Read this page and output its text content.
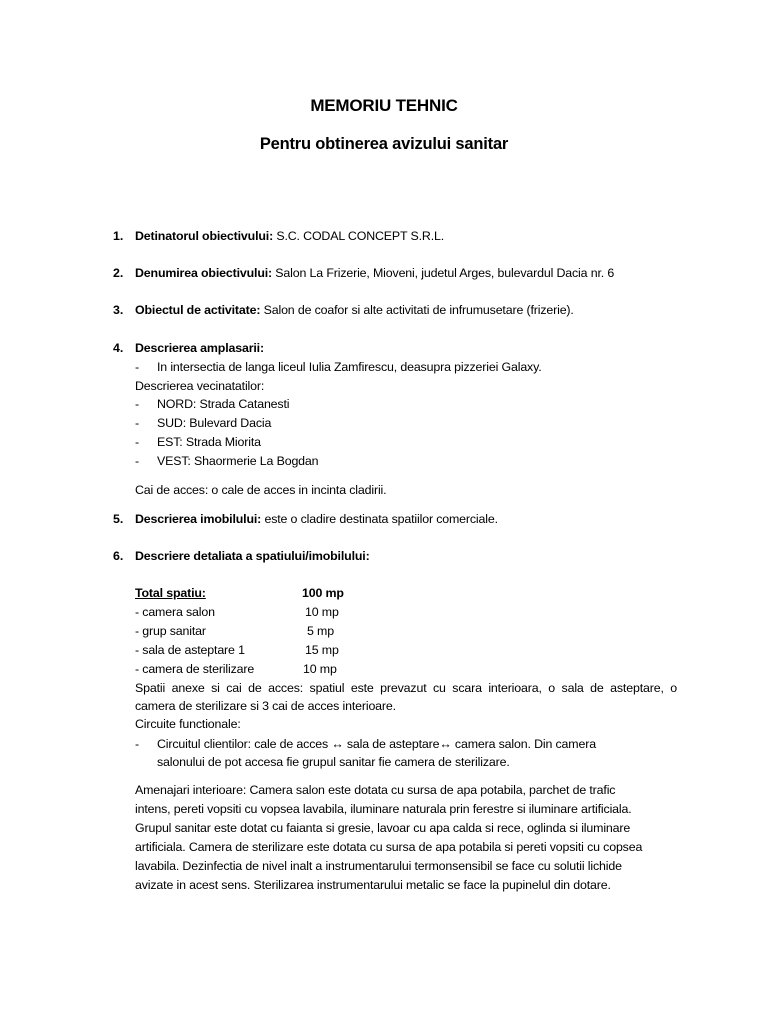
MEMORIU TEHNIC
Pentru obtinerea avizului sanitar
1. Detinatorul obiectivului: S.C. CODAL CONCEPT S.R.L.
2. Denumirea obiectivului: Salon La Frizerie, Mioveni, judetul Arges, bulevardul Dacia nr. 6
3. Obiectul de activitate: Salon de coafor si alte activitati de infrumusetare (frizerie).
4. Descrierea amplasarii:
- In intersectia de langa liceul Iulia Zamfirescu, deasupra pizzeriei Galaxy.
Descrierea vecinatatilor:
- NORD: Strada Catanesti
- SUD: Bulevard Dacia
- EST: Strada Miorita
- VEST: Shaormerie La Bogdan
Cai de acces: o cale de acces in incinta cladirii.
5. Descrierea imobilului: este o cladire destinata spatiilor comerciale.
6. Descriere detaliata a spatiului/imobilului:
Total spatiu:	100 mp
- camera salon	10 mp
- grup sanitar	5 mp
- sala de asteptare 1	15 mp
- camera de sterilizare	10 mp
Spatii anexe si cai de acces: spatiul este prevazut cu scara interioara, o sala de asteptare, o
camera de sterilizare si 3 cai de acces interioare.
Circuite functionale:
- Circuitul clientilor: cale de acces ↔ sala de asteptare↔ camera salon. Din camera
salonului de pot accesa fie grupul sanitar fie camera de sterilizare.
Amenajari interioare: Camera salon este dotata cu sursa de apa potabila, parchet de trafic
intens, pereti vopsiti cu vopsea lavabila, iluminare naturala prin ferestre si iluminare artificiala.
Grupul sanitar este dotat cu faianta si gresie, lavoar cu apa calda si rece, oglinda si iluminare
artificiala. Camera de sterilizare este dotata cu sursa de apa potabila si pereti vopsiti cu copsea
lavabila. Dezinfectia de nivel inalt a instrumentarului termonsensibil se face cu solutii lichide
avizate in acest sens. Sterilizarea instrumentarului metalic se face la pupinelul din dotare.
